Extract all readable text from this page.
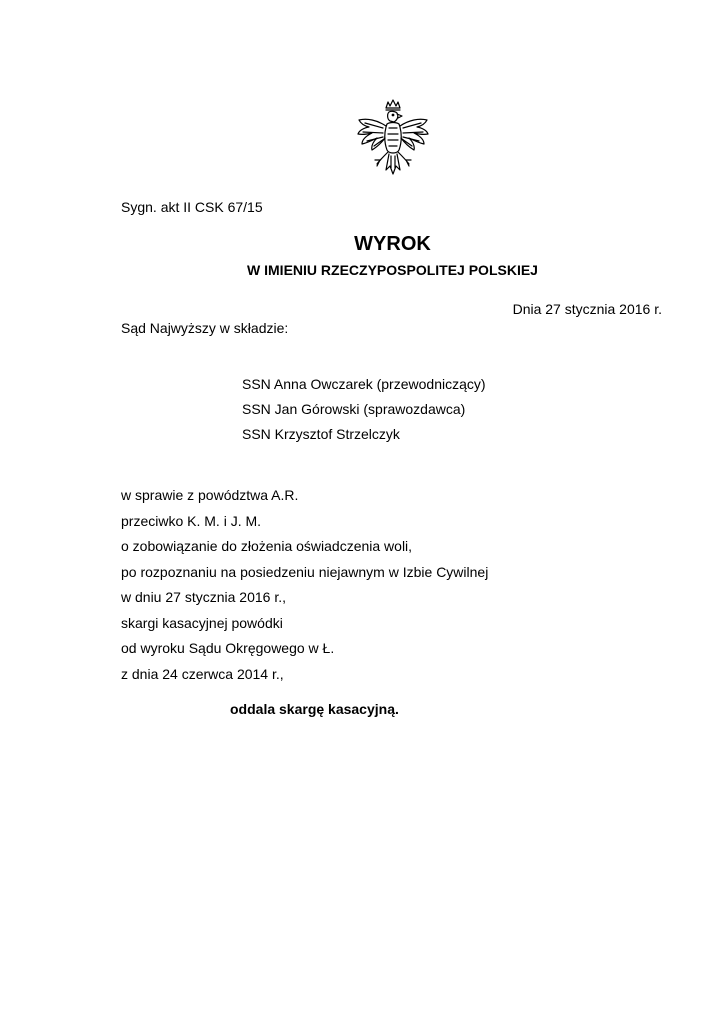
Sygn. akt II CSK 67/15
WYROK
W IMIENIU RZECZYPOSPOLITEJ POLSKIEJ
Dnia 27 stycznia 2016 r.
Sąd Najwyższy w składzie:
SSN Anna Owczarek (przewodniczący)
SSN Jan Górowski (sprawozdawca)
SSN Krzysztof Strzelczyk
w sprawie z powództwa A.R.
przeciwko K. M. i J. M.
o zobowiązanie do złożenia oświadczenia woli,
po rozpoznaniu na posiedzeniu niejawnym w Izbie Cywilnej
w dniu 27 stycznia 2016 r.,
skargi kasacyjnej powódki
od wyroku Sądu Okręgowego w Ł.
z dnia 24 czerwca 2014 r.,
oddala skargę kasacyjną.
